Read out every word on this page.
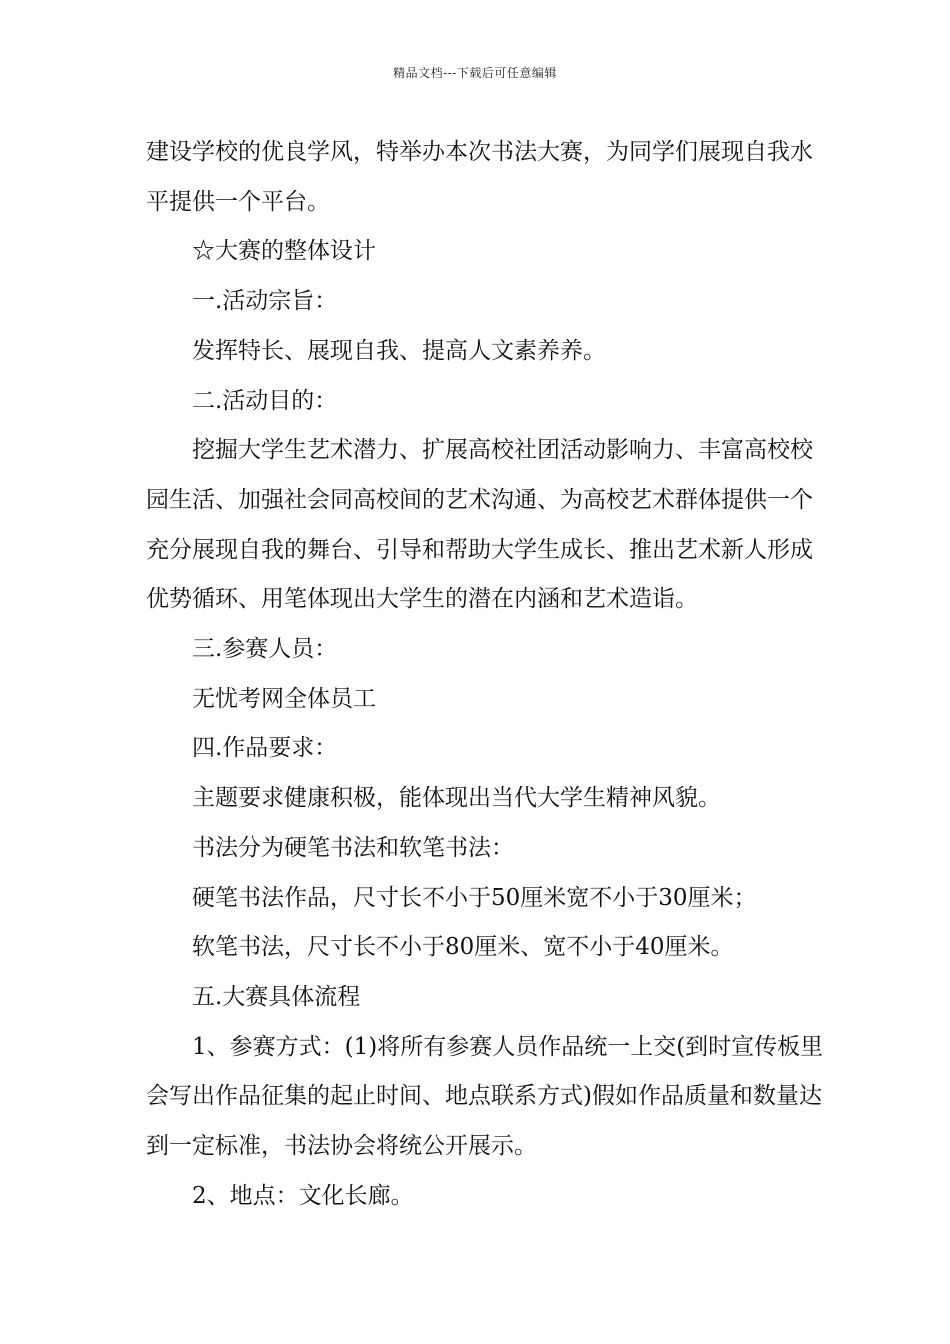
精品文档---下载后可任意编辑

建设学校的优良学风，特举办本次书法大赛，为同学们展现自我水

平提供一个平台。

☆大赛的整体设计

一.活动宗旨：

发挥特长、展现自我、提高人文素养养。

二.活动目的：

挖掘大学生艺术潜力、扩展高校社团活动影响力、丰富高校校

园生活、加强社会同高校间的艺术沟通、为高校艺术群体提供一个

充分展现自我的舞台、引导和帮助大学生成长、推出艺术新人形成

优势循环、用笔体现出大学生的潜在内涵和艺术造诣。

三.参赛人员：

无忧考网全体员工

四.作品要求：

主题要求健康积极，能体现出当代大学生精神风貌。

书法分为硬笔书法和软笔书法：

硬笔书法作品，尺寸长不小于50厘米宽不小于30厘米；

软笔书法，尺寸长不小于80厘米、宽不小于40厘米。

五.大赛具体流程

1、参赛方式：(1)将所有参赛人员作品统一上交(到时宣传板里

会写出作品征集的起止时间、地点联系方式)假如作品质量和数量达

到一定标准，书法协会将统公开展示。

2、地点：文化长廊。
